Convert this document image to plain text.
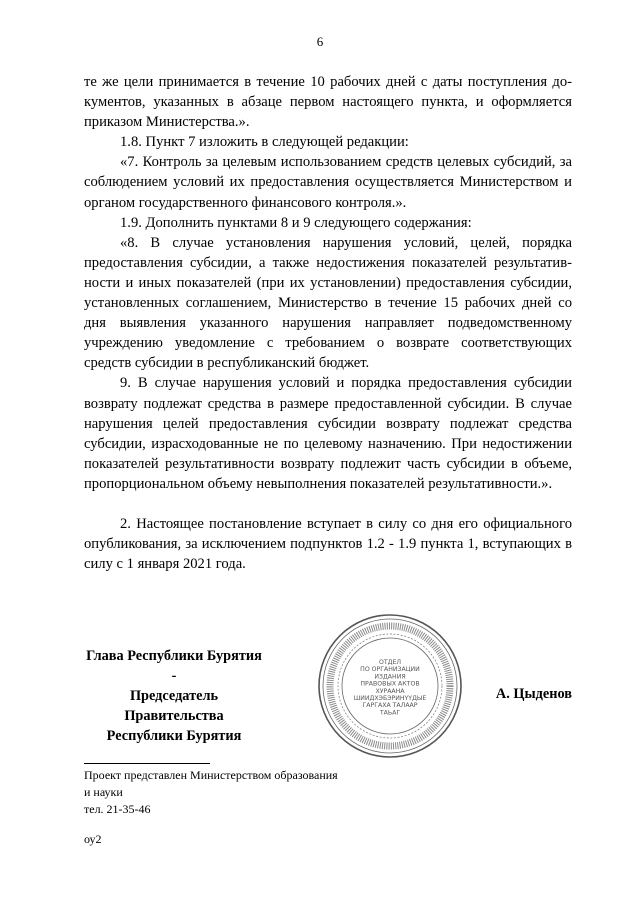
6

те же цели принимается в течение 10 рабочих дней с даты поступления документов, указанных в абзаце первом настоящего пункта, и оформляется приказом Министерства.».

1.8. Пункт 7 изложить в следующей редакции:

«7. Контроль за целевым использованием средств целевых субсидий, за соблюдением условий их предоставления осуществляется Министерством и органом государственного финансового контроля.».

1.9. Дополнить пунктами 8 и 9 следующего содержания:

«8. В случае установления нарушения условий, целей, порядка предоставления субсидии, а также недостижения показателей результативности и иных показателей (при их установлении) предоставления субсидии, установленных соглашением, Министерство в течение 15 рабочих дней со дня выявления указанного нарушения направляет подведомственному учреждению уведомление с требованием о возврате соответствующих средств субсидии в республиканский бюджет.

9. В случае нарушения условий и порядка предоставления субсидии возврату подлежат средства в размере предоставленной субсидии. В случае нарушения целей предоставления субсидии возврату подлежат средства субсидии, израсходованные не по целевому назначению. При недостижении показателей результативности возврату подлежит часть субсидии в объеме, пропорциональном объему невыполнения показателей результативности.».

2. Настоящее постановление вступает в силу со дня его официального опубликования, за исключением подпунктов 1.2 - 1.9 пункта 1, вступающих в силу с 1 января 2021 года.

Глава Республики Бурятия -
Председатель Правительства
Республики Бурятия
ОТДЕЛ
ПО ОРГАНИЗАЦИИ
ИЗДАНИЯ
ПРАВОВЫХ АКТОВ
ХУРААНА
ШИИДХЭБЭРИНҮҮДЫЕ
ГАРГАХА ТАЛААР
ТАЬАГ
А. Цыденов
Проект представлен Министерством образования
и науки
тел. 21-35-46
оу2
